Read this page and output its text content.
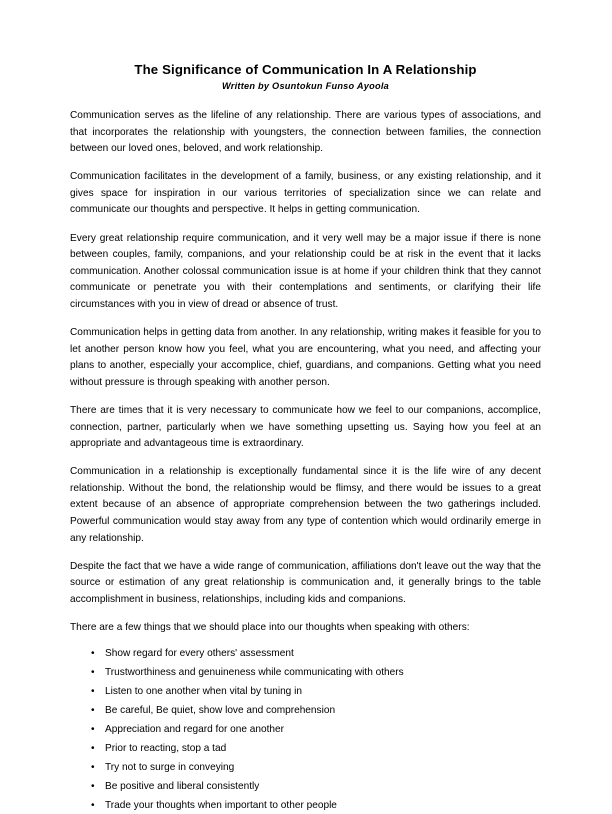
The Significance of Communication In A Relationship
Written by Osuntokun Funso Ayoola

Communication serves as the lifeline of any relationship. There are various types of associations, and that incorporates the relationship with youngsters, the connection between families, the connection between our loved ones, beloved, and work relationship.

Communication facilitates in the development of a family, business, or any existing relationship, and it gives space for inspiration in our various territories of specialization since we can relate and communicate our thoughts and perspective. It helps in getting communication.

Every great relationship require communication, and it very well may be a major issue if there is none between couples, family, companions, and your relationship could be at risk in the event that it lacks communication. Another colossal communication issue is at home if your children think that they cannot communicate or penetrate you with their contemplations and sentiments, or clarifying their life circumstances with you in view of dread or absence of trust.

Communication helps in getting data from another. In any relationship, writing makes it feasible for you to let another person know how you feel, what you are encountering, what you need, and affecting your plans to another, especially your accomplice, chief, guardians, and companions. Getting what you need without pressure is through speaking with another person.

There are times that it is very necessary to communicate how we feel to our companions, accomplice, connection, partner, particularly when we have something upsetting us. Saying how you feel at an appropriate and advantageous time is extraordinary.

Communication in a relationship is exceptionally fundamental since it is the life wire of any decent relationship. Without the bond, the relationship would be flimsy, and there would be issues to a great extent because of an absence of appropriate comprehension between the two gatherings included. Powerful communication would stay away from any type of contention which would ordinarily emerge in any relationship.

Despite the fact that we have a wide range of communication, affiliations don't leave out the way that the source or estimation of any great relationship is communication and, it generally brings to the table accomplishment in business, relationships, including kids and companions.

There are a few things that we should place into our thoughts when speaking with others:

• Show regard for every others' assessment
• Trustworthiness and genuineness while communicating with others
• Listen to one another when vital by tuning in
• Be careful, Be quiet, show love and comprehension
• Appreciation and regard for one another
• Prior to reacting, stop a tad
• Try not to surge in conveying
• Be positive and liberal consistently
• Trade your thoughts when important to other people
